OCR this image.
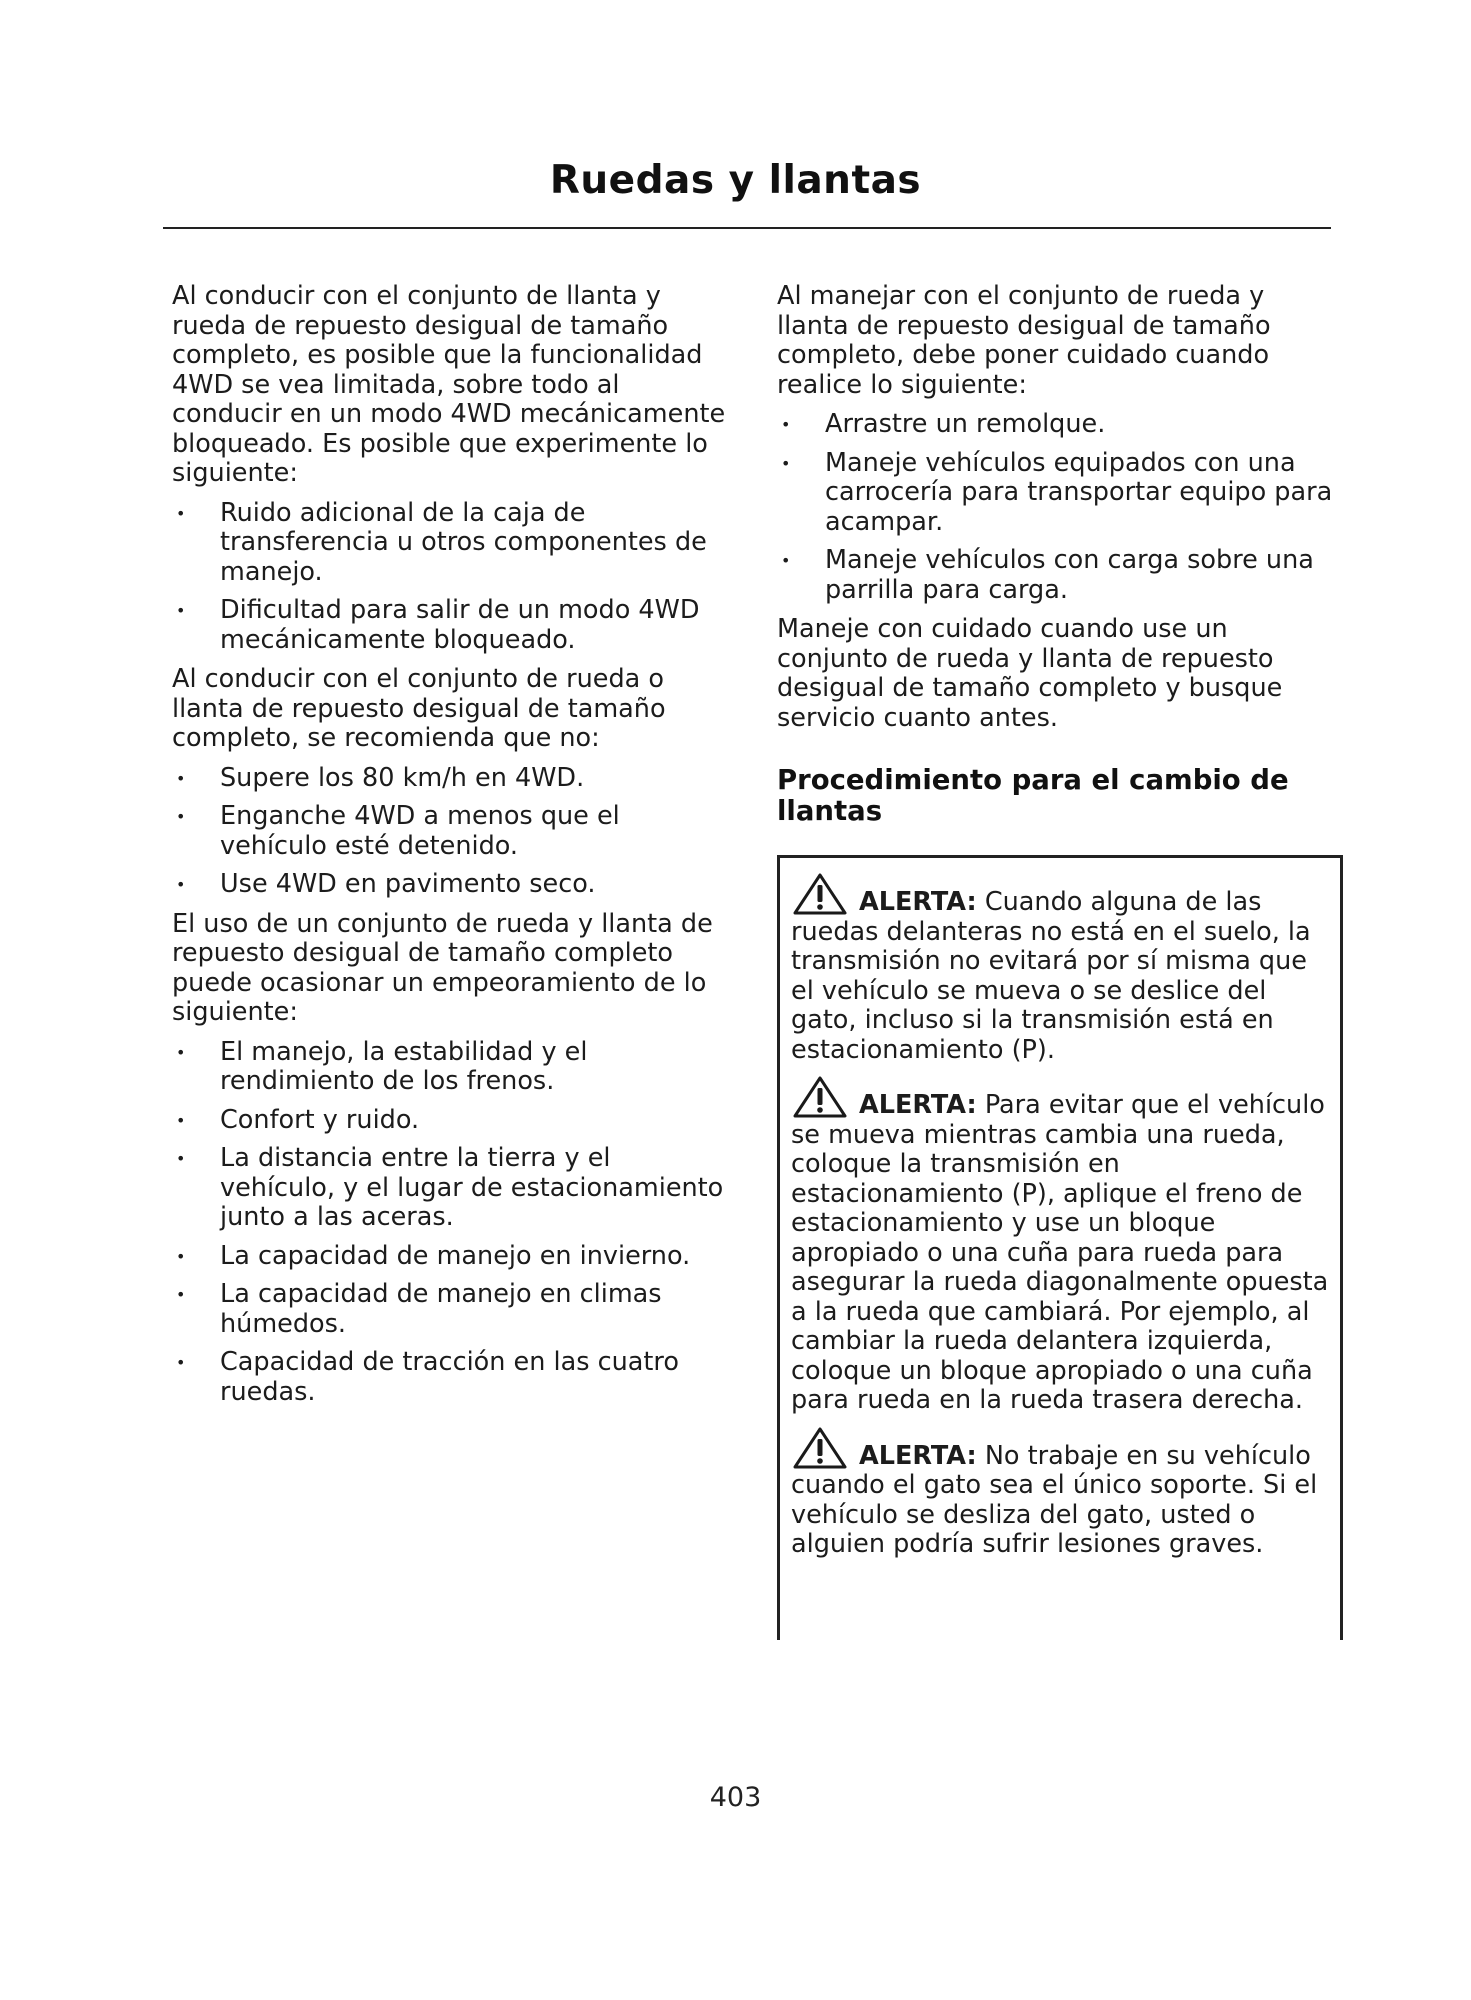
Ruedas y llantas

Al conducir con el conjunto de llanta y rueda de repuesto desigual de tamaño completo, es posible que la funcionalidad 4WD se vea limitada, sobre todo al conducir en un modo 4WD mecánicamente bloqueado. Es posible que experimente lo siguiente:

• Ruido adicional de la caja de transferencia u otros componentes de manejo.
• Dificultad para salir de un modo 4WD mecánicamente bloqueado.

Al conducir con el conjunto de rueda o llanta de repuesto desigual de tamaño completo, se recomienda que no:

• Supere los 80 km/h en 4WD.
• Enganche 4WD a menos que el vehículo esté detenido.
• Use 4WD en pavimento seco.

El uso de un conjunto de rueda y llanta de repuesto desigual de tamaño completo puede ocasionar un empeoramiento de lo siguiente:

• El manejo, la estabilidad y el rendimiento de los frenos.
• Confort y ruido.
• La distancia entre la tierra y el vehículo, y el lugar de estacionamiento junto a las aceras.
• La capacidad de manejo en invierno.
• La capacidad de manejo en climas húmedos.
• Capacidad de tracción en las cuatro ruedas.

Al manejar con el conjunto de rueda y llanta de repuesto desigual de tamaño completo, debe poner cuidado cuando realice lo siguiente:

• Arrastre un remolque.
• Maneje vehículos equipados con una carrocería para transportar equipo para acampar.
• Maneje vehículos con carga sobre una parrilla para carga.

Maneje con cuidado cuando use un conjunto de rueda y llanta de repuesto desigual de tamaño completo y busque servicio cuanto antes.

Procedimiento para el cambio de llantas

ALERTA: Cuando alguna de las ruedas delanteras no está en el suelo, la transmisión no evitará por sí misma que el vehículo se mueva o se deslice del gato, incluso si la transmisión está en estacionamiento (P).

ALERTA: Para evitar que el vehículo se mueva mientras cambia una rueda, coloque la transmisión en estacionamiento (P), aplique el freno de estacionamiento y use un bloque apropiado o una cuña para rueda para asegurar la rueda diagonalmente opuesta a la rueda que cambiará. Por ejemplo, al cambiar la rueda delantera izquierda, coloque un bloque apropiado o una cuña para rueda en la rueda trasera derecha.

ALERTA: No trabaje en su vehículo cuando el gato sea el único soporte. Si el vehículo se desliza del gato, usted o alguien podría sufrir lesiones graves.

403
